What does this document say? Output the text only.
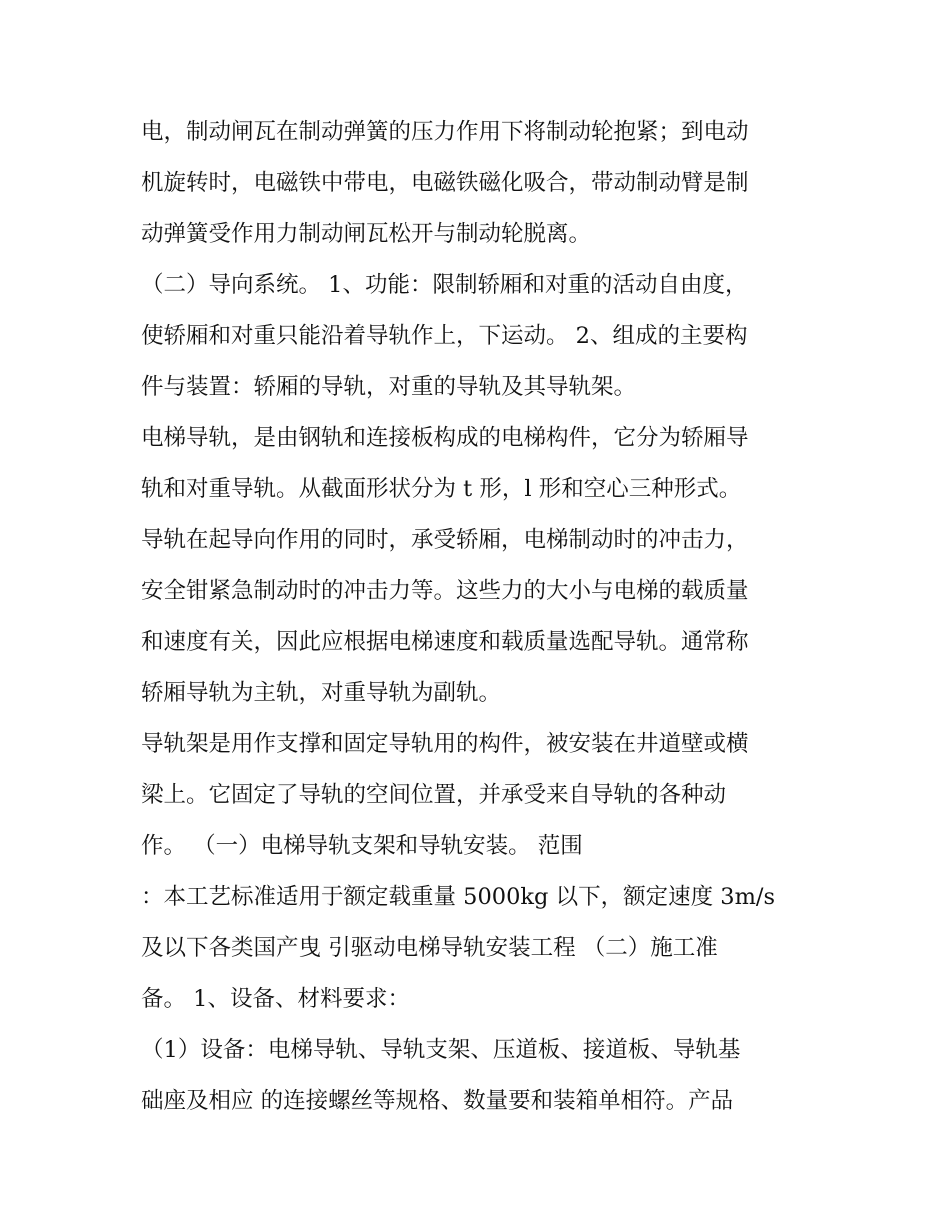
电，制动闸瓦在制动弹簧的压力作用下将制动轮抱紧；到电动
机旋转时，电磁铁中带电，电磁铁磁化吸合，带动制动臂是制
动弹簧受作用力制动闸瓦松开与制动轮脱离。
（二）导向系统。 1、功能：限制轿厢和对重的活动自由度，
使轿厢和对重只能沿着导轨作上，下运动。 2、组成的主要构
件与装置：轿厢的导轨，对重的导轨及其导轨架。
电梯导轨，是由钢轨和连接板构成的电梯构件，它分为轿厢导
轨和对重导轨。从截面形状分为 t 形，l 形和空心三种形式。
导轨在起导向作用的同时，承受轿厢，电梯制动时的冲击力，
安全钳紧急制动时的冲击力等。这些力的大小与电梯的载质量
和速度有关，因此应根据电梯速度和载质量选配导轨。通常称
轿厢导轨为主轨，对重导轨为副轨。
导轨架是用作支撑和固定导轨用的构件，被安装在井道壁或横
梁上。它固定了导轨的空间位置，并承受来自导轨的各种动
作。 （一）电梯导轨支架和导轨安装。 范围
：本工艺标准适用于额定载重量 5000kg 以下，额定速度 3m/s
及以下各类国产曳 引驱动电梯导轨安装工程 （二）施工准
备。 1、设备、材料要求：
（1）设备：电梯导轨、导轨支架、压道板、接道板、导轨基
础座及相应 的连接螺丝等规格、数量要和装箱单相符。产品
